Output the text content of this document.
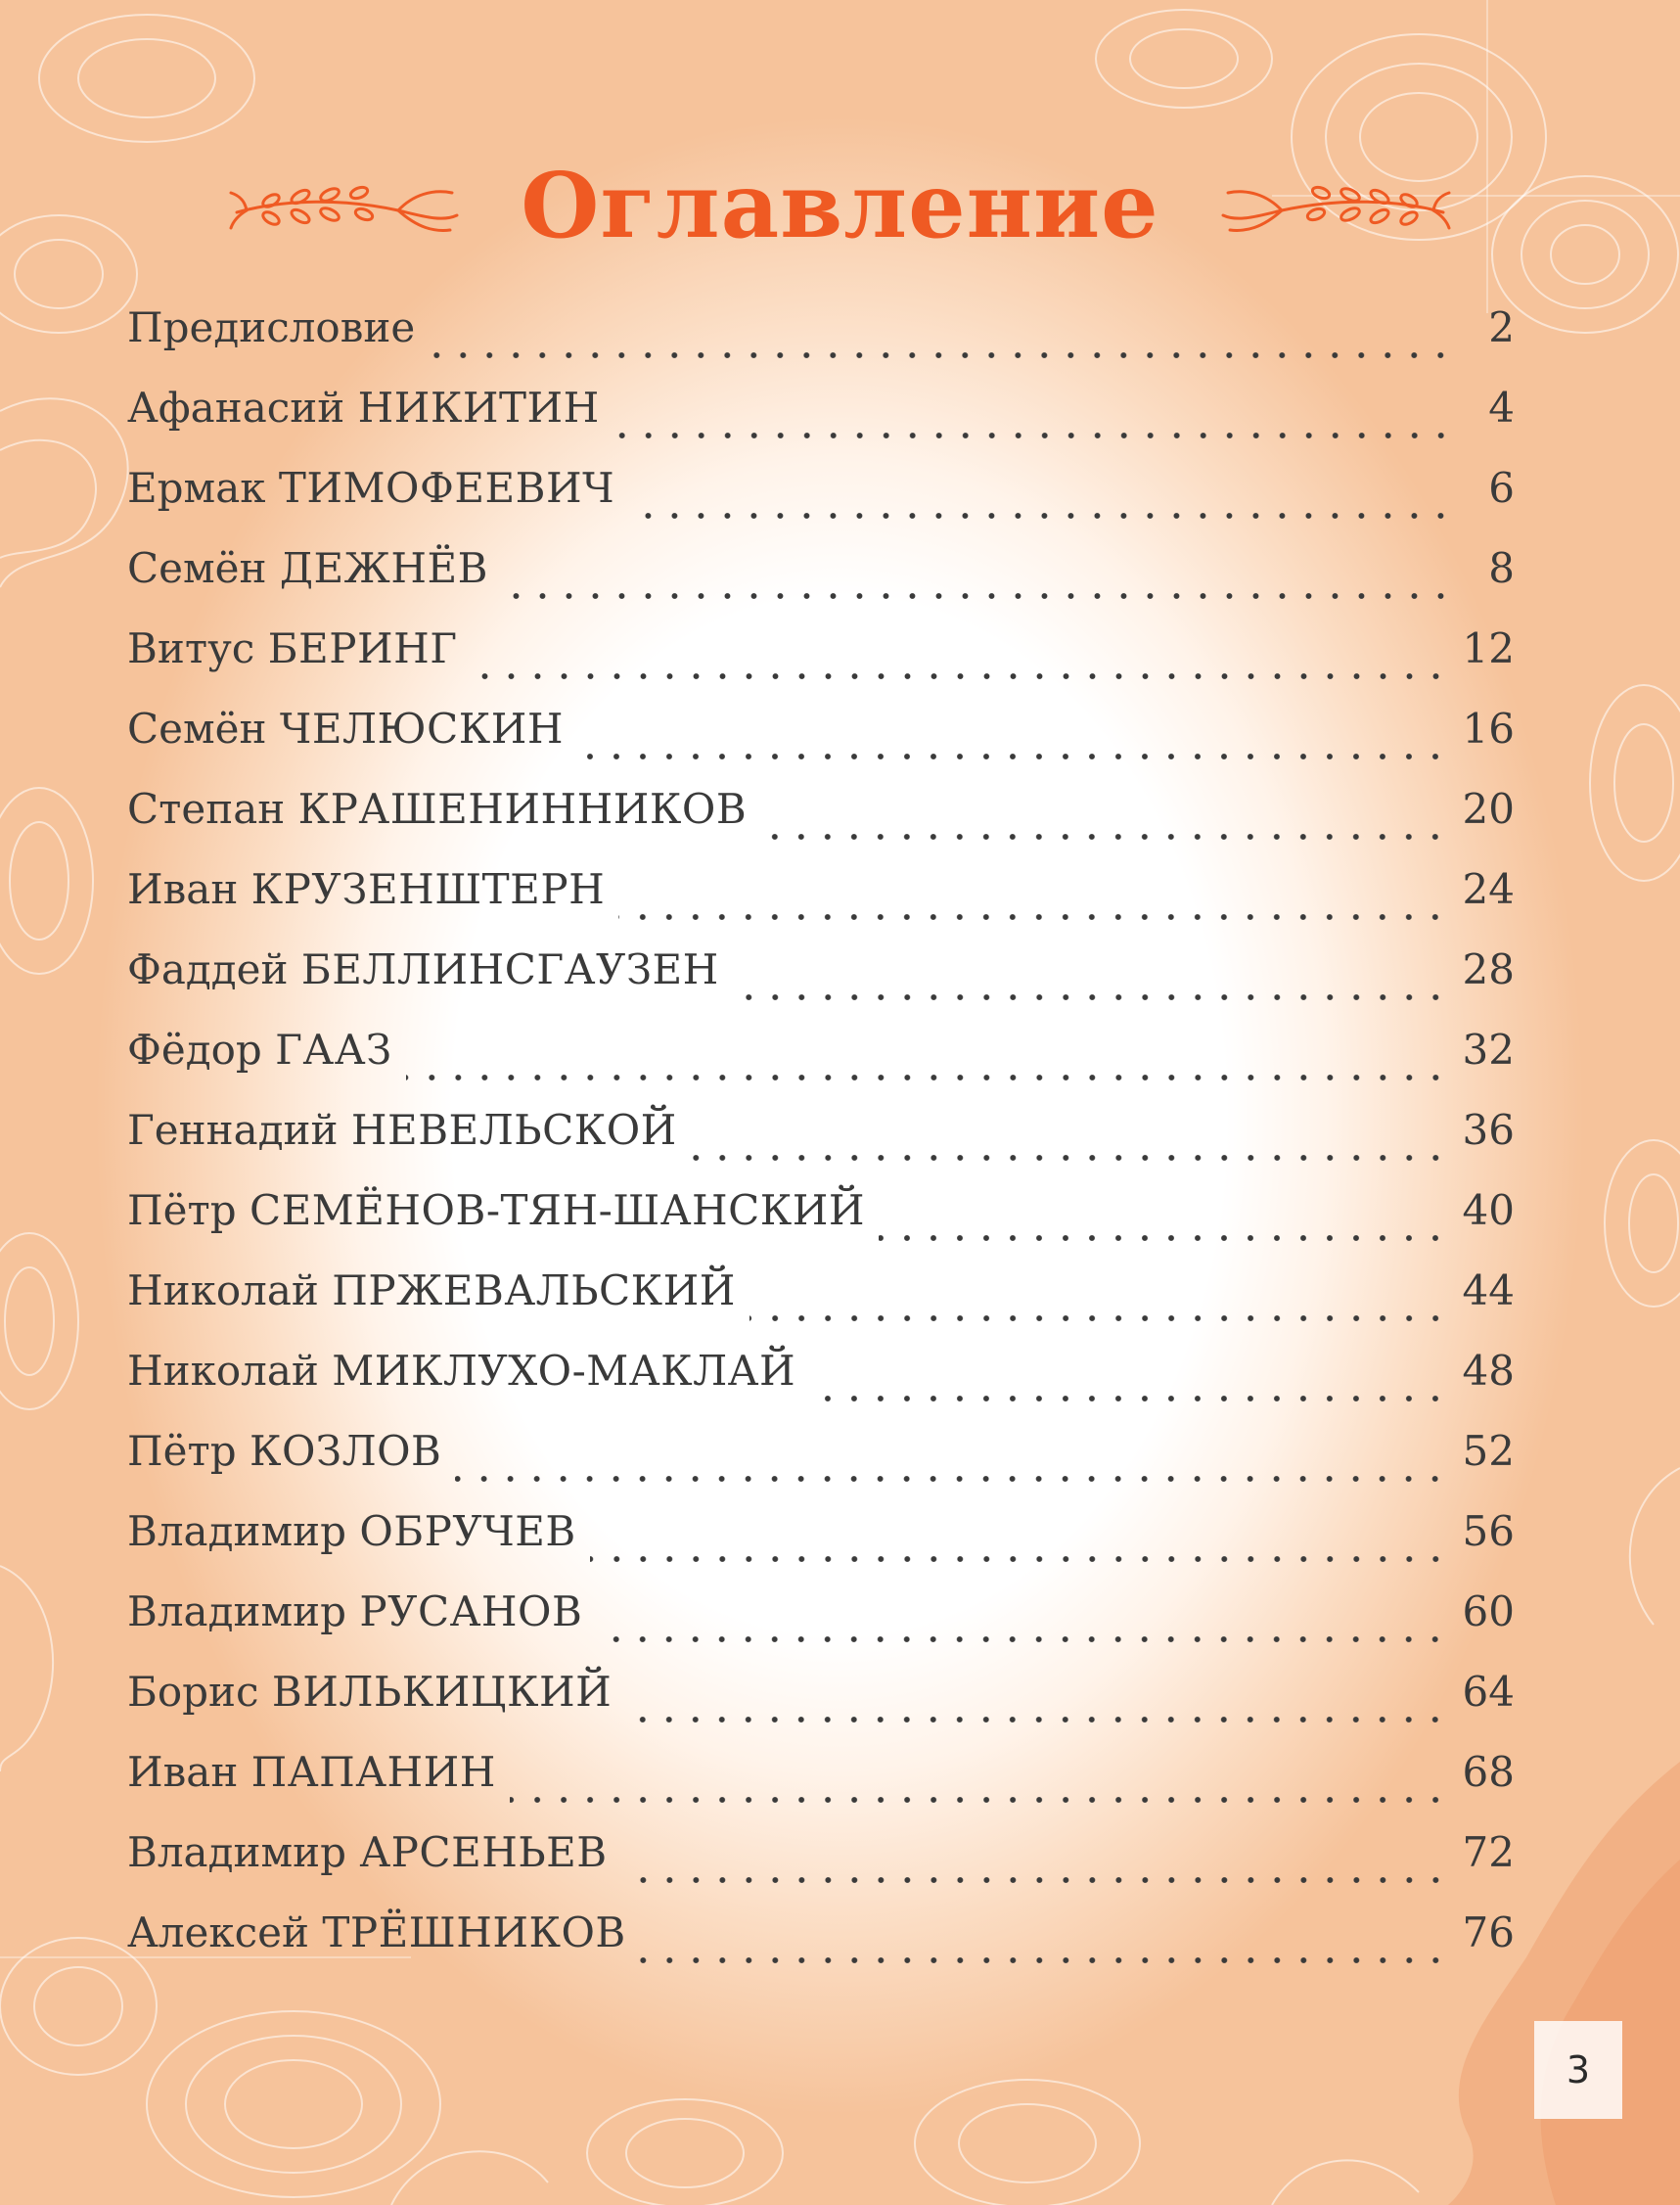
Оглавление
Предисловие	2
Афанасий НИКИТИН	4
Ермак ТИМОФЕЕВИЧ	6
Семён ДЕЖНЁВ	8
Витус БЕРИНГ	12
Семён ЧЕЛЮСКИН	16
Степан КРАШЕНИННИКОВ	20
Иван КРУЗЕНШТЕРН	24
Фаддей БЕЛЛИНСГАУЗЕН	28
Фёдор ГААЗ	32
Геннадий НЕВЕЛЬСКОЙ	36
Пётр СЕМЁНОВ-ТЯН-ШАНСКИЙ	40
Николай ПРЖЕВАЛЬСКИЙ	44
Николай МИКЛУХО-МАКЛАЙ	48
Пётр КОЗЛОВ	52
Владимир ОБРУЧЕВ	56
Владимир РУСАНОВ	60
Борис ВИЛЬКИЦКИЙ	64
Иван ПАПАНИН	68
Владимир АРСЕНЬЕВ	72
Алексей ТРЁШНИКОВ	76
3
